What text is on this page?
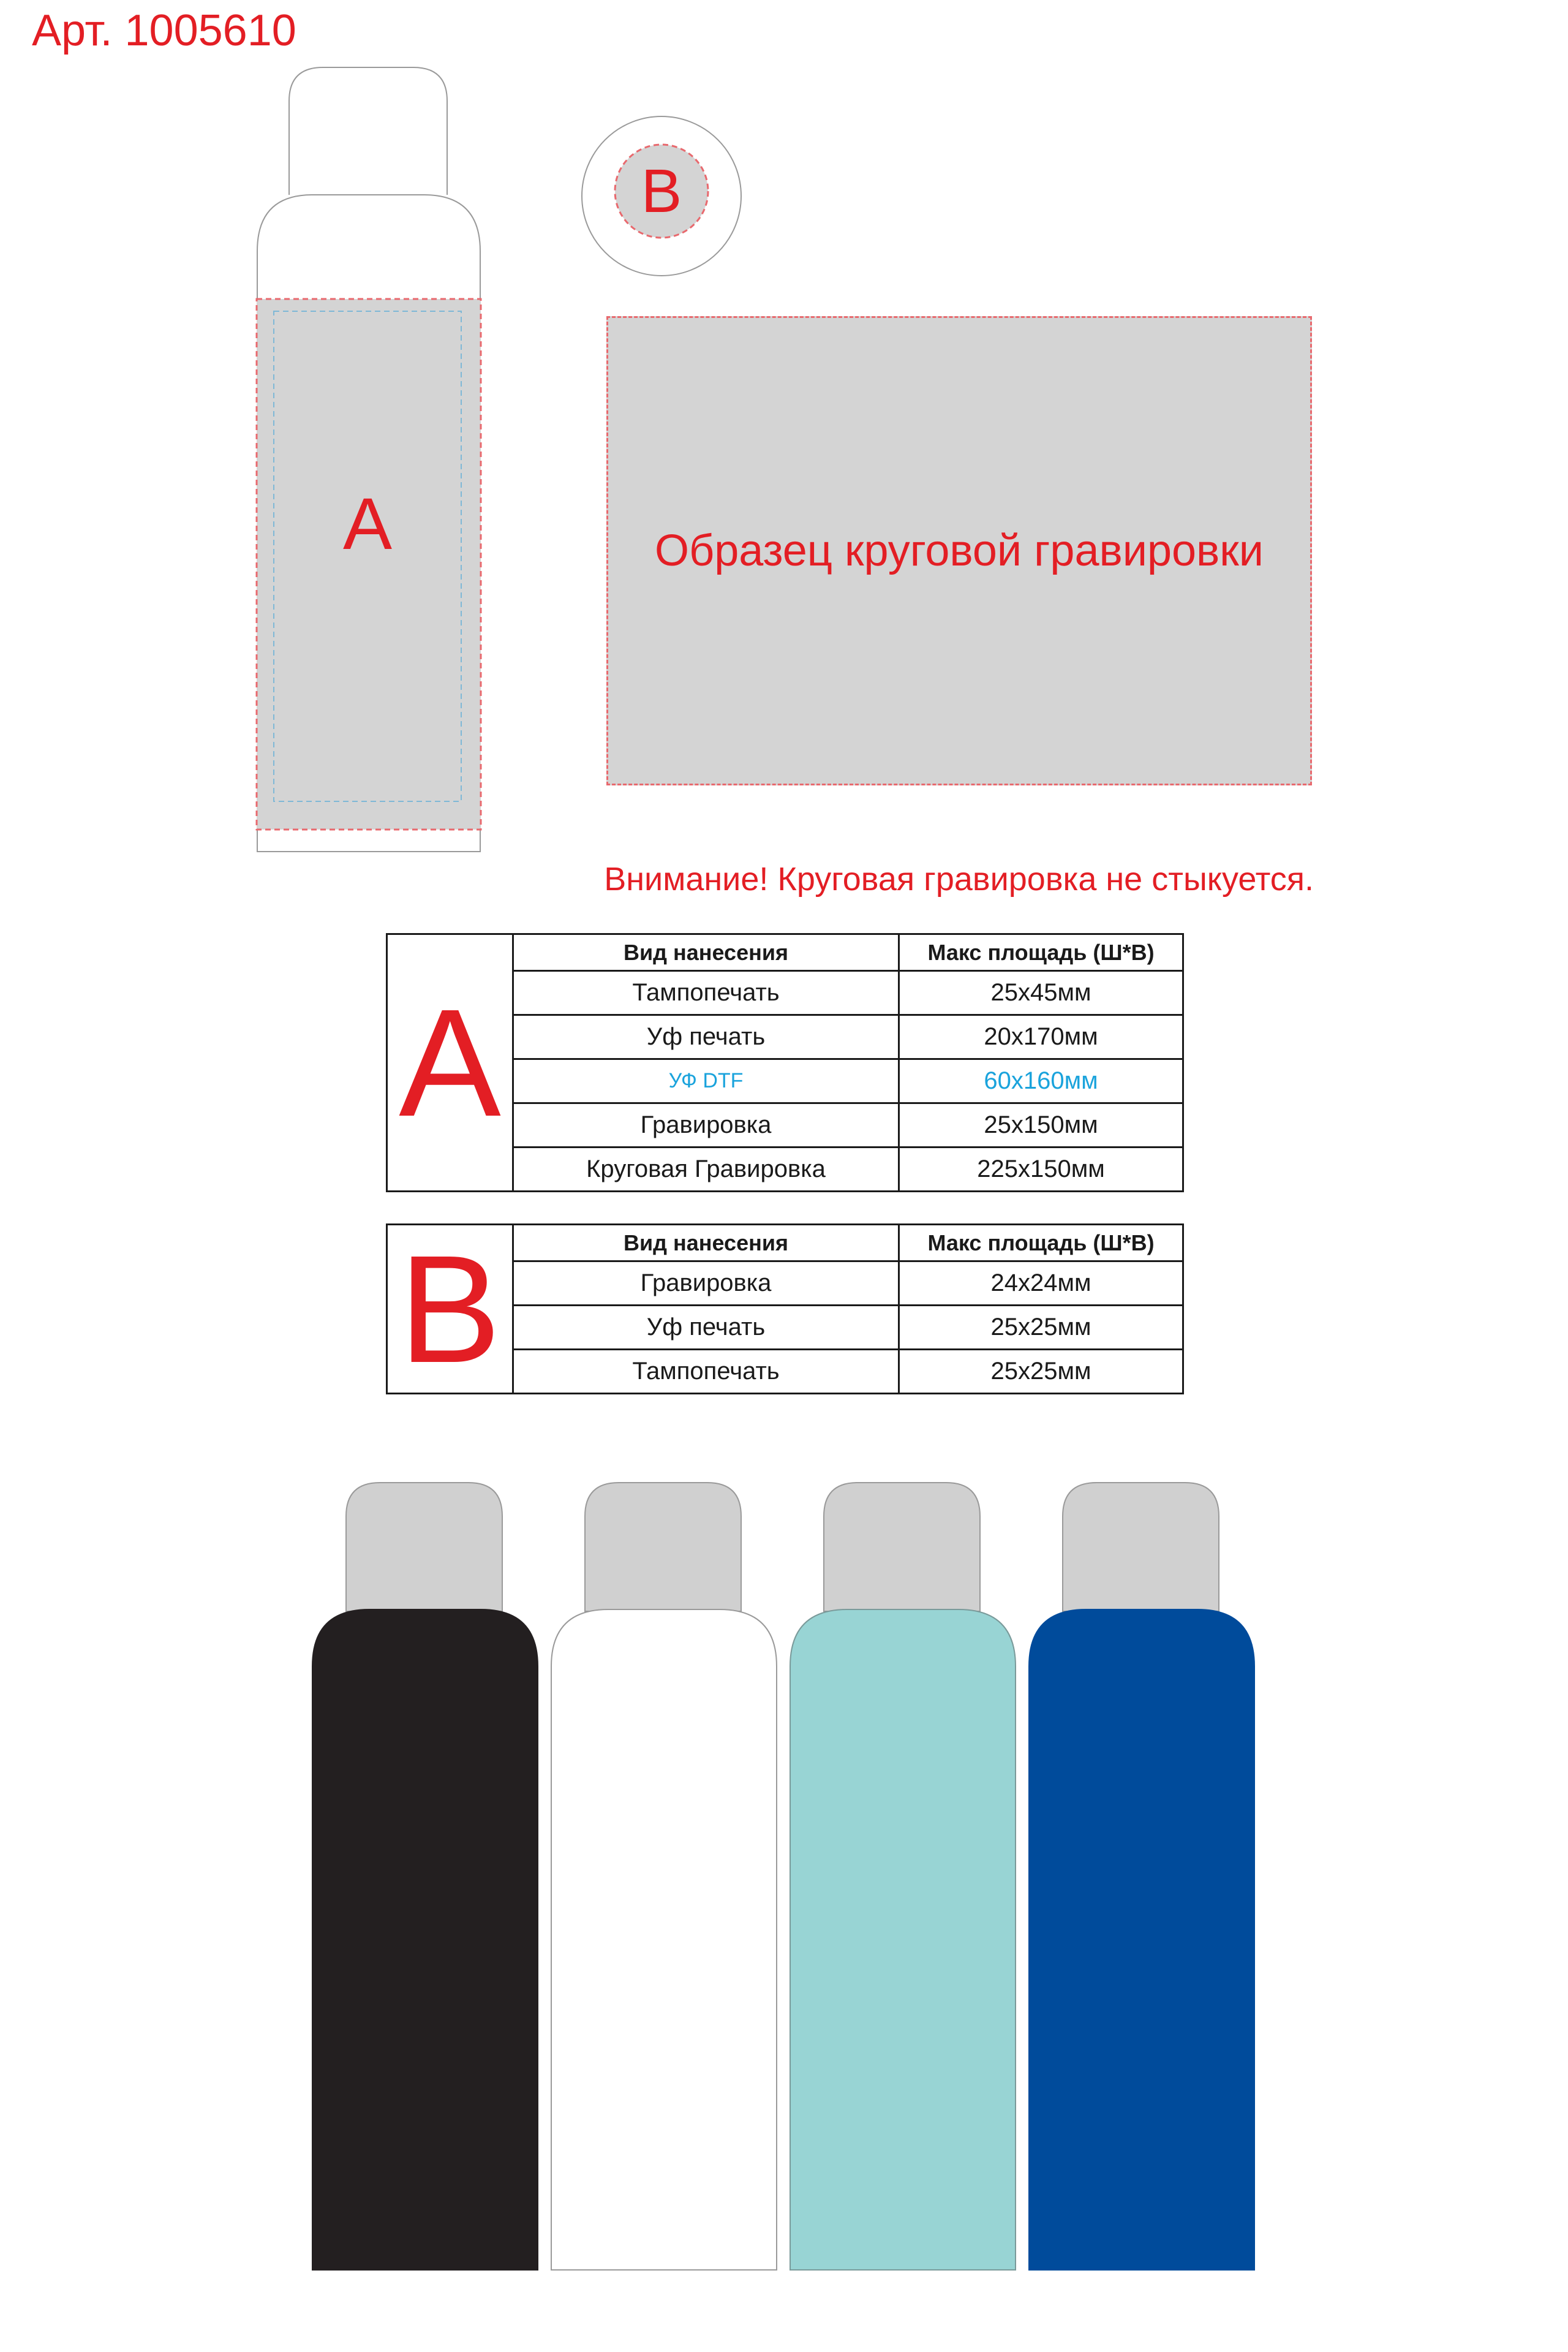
Арт. 1005610
A
B
Образец круговой гравировки
Внимание! Круговая гравировка не стыкуется.
A	Вид нанесения	Макс площадь (Ш*В)
	Тампопечать	25х45мм
	Уф печать	20х170мм
	УФ DTF	60х160мм
	Гравировка	25х150мм
	Круговая Гравировка	225х150мм
B	Вид нанесения	Макс площадь (Ш*В)
	Гравировка	24х24мм
	Уф печать	25х25мм
	Тампопечать	25х25мм
